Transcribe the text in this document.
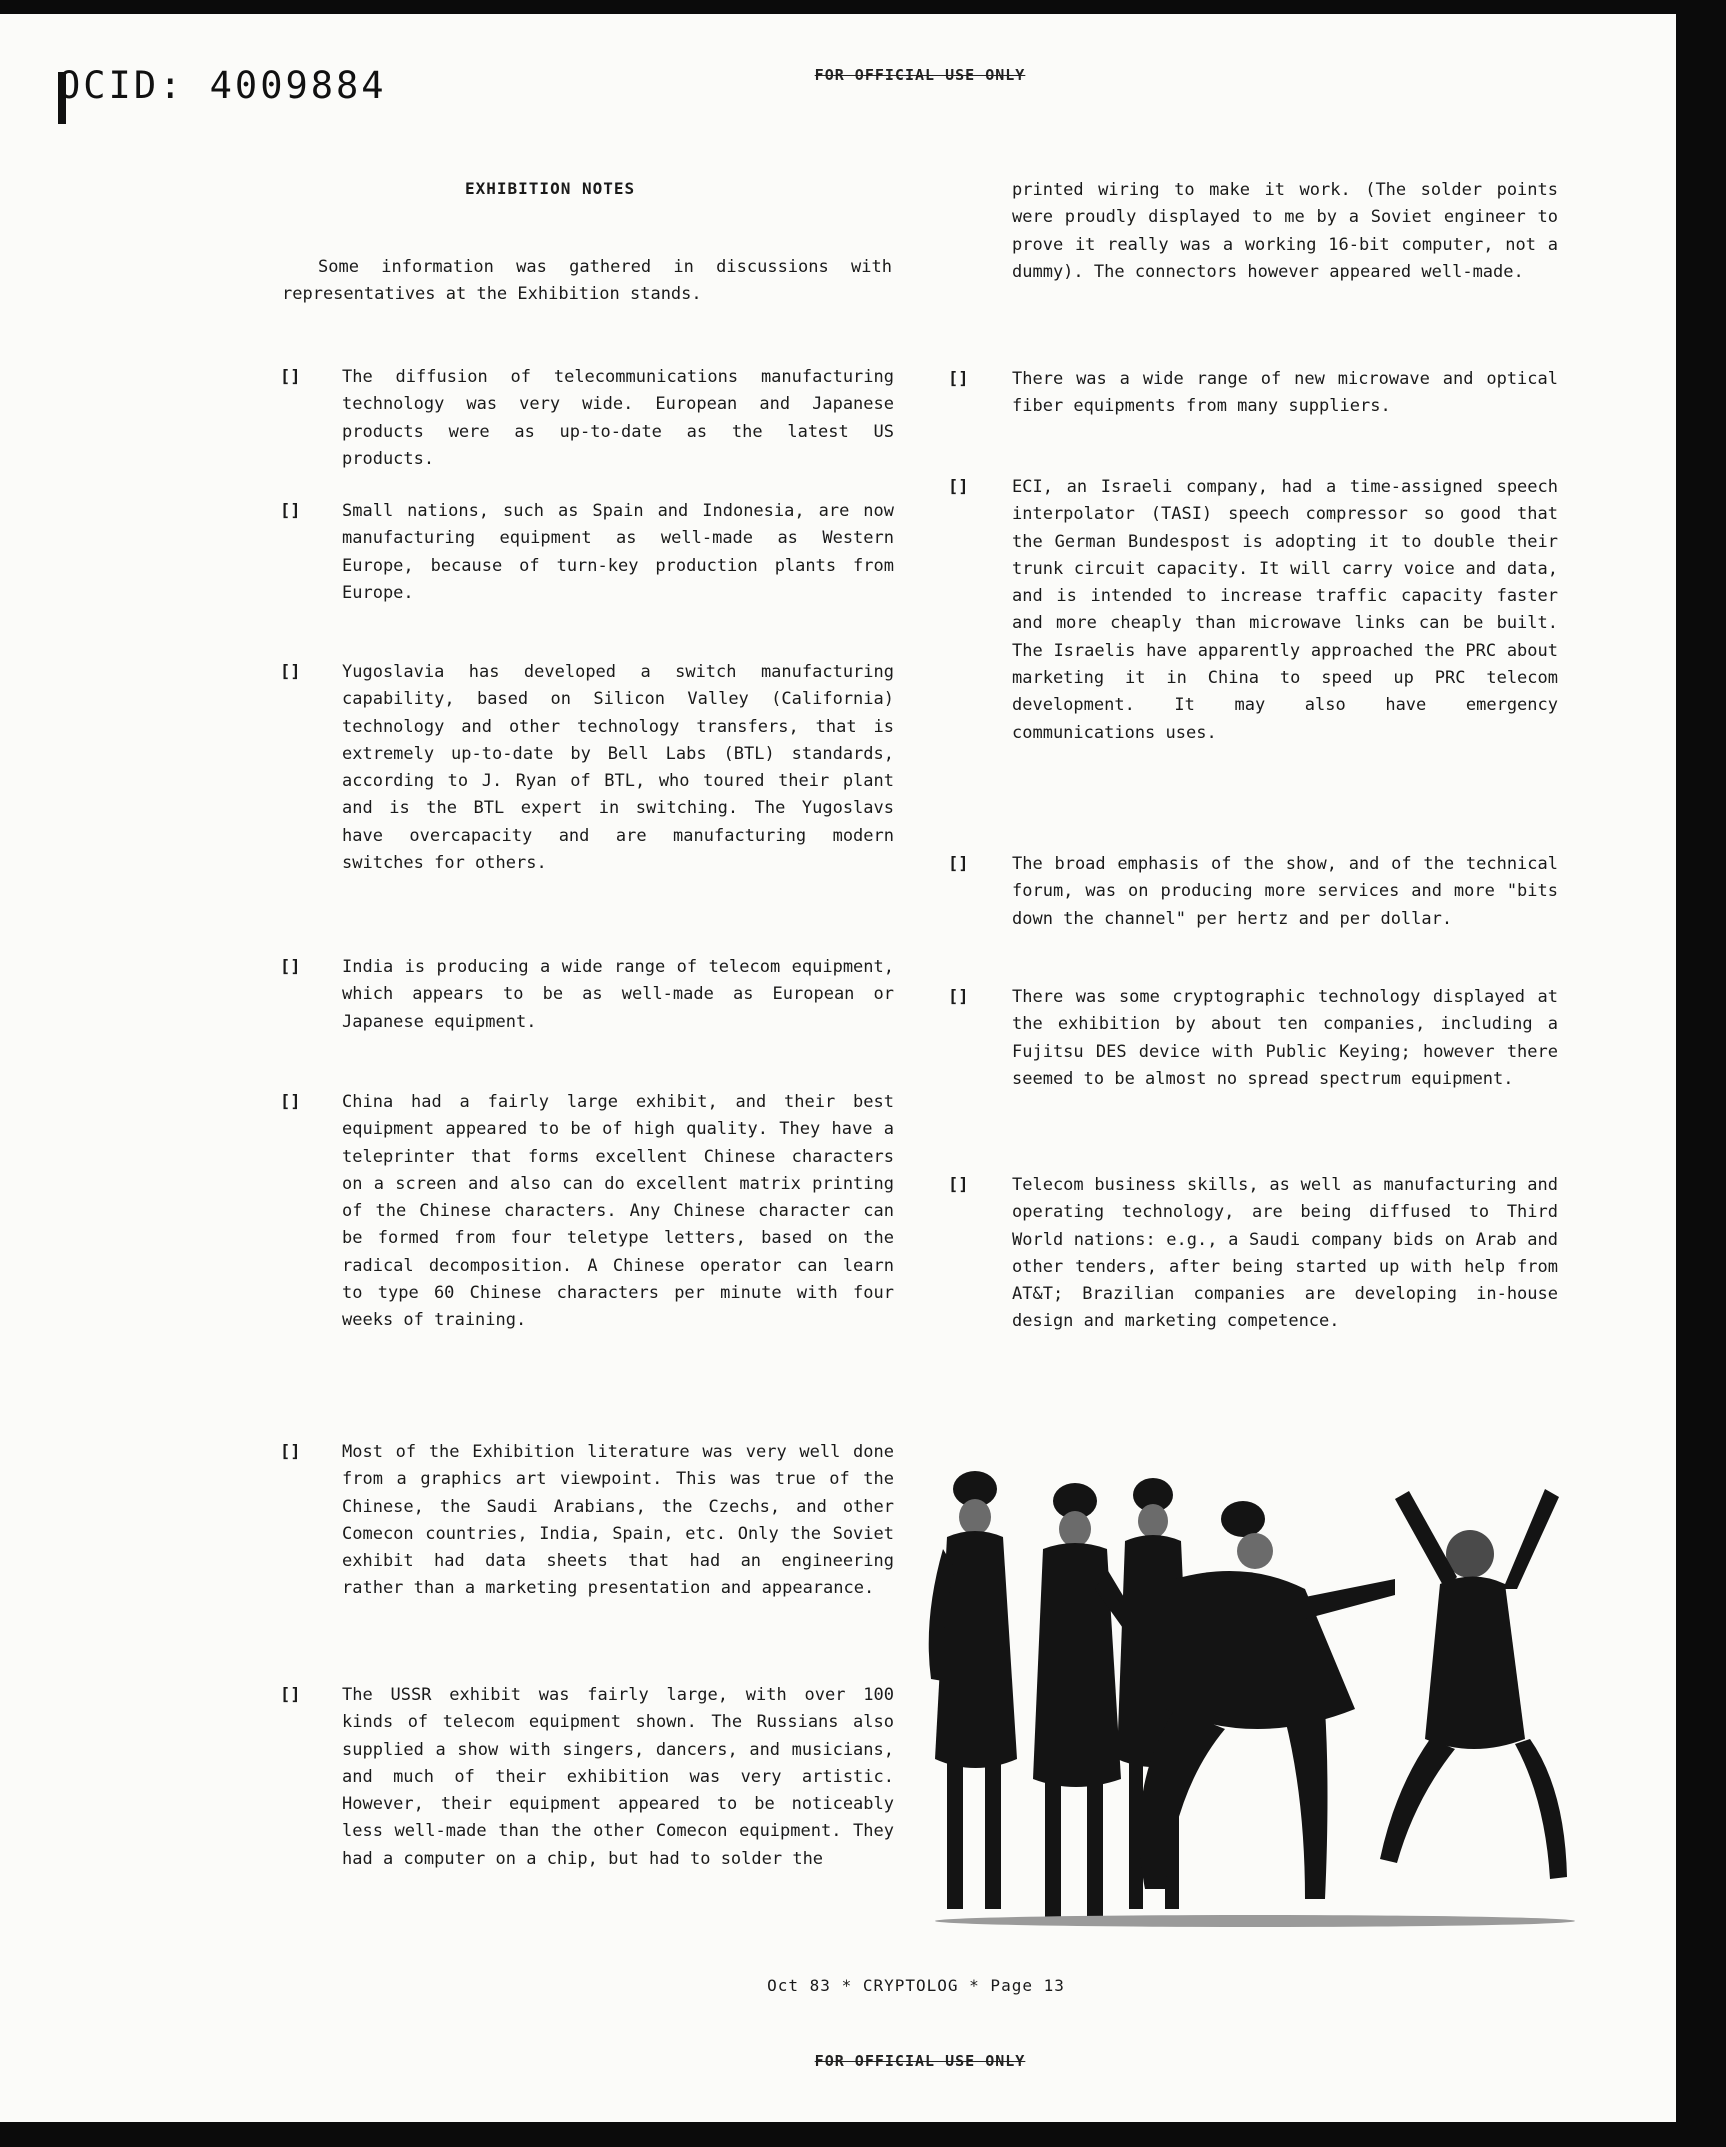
OCID: 4009884	FOR OFFICIAL USE ONLY
EXHIBITION NOTES
Some information was gathered in discussions with representatives at the Exhibition stands.
[]	The diffusion of telecommunications manufacturing technology was very wide. European and Japanese products were as up-to-date as the latest US products.
[]	Small nations, such as Spain and Indonesia, are now manufacturing equipment as well-made as Western Europe, because of turn-key production plants from Europe.
[]	Yugoslavia has developed a switch manufacturing capability, based on Silicon Valley (California) technology and other technology transfers, that is extremely up-to-date by Bell Labs (BTL) standards, according to J. Ryan of BTL, who toured their plant and is the BTL expert in switching. The Yugoslavs have overcapacity and are manufacturing modern switches for others.
[]	India is producing a wide range of telecom equipment, which appears to be as well-made as European or Japanese equipment.
[]	China had a fairly large exhibit, and their best equipment appeared to be of high quality. They have a teleprinter that forms excellent Chinese characters on a screen and also can do excellent matrix printing of the Chinese characters. Any Chinese character can be formed from four teletype letters, based on the radical decomposition. A Chinese operator can learn to type 60 Chinese characters per minute with four weeks of training.
[]	Most of the Exhibition literature was very well done from a graphics art viewpoint. This was true of the Chinese, the Saudi Arabians, the Czechs, and other Comecon countries, India, Spain, etc. Only the Soviet exhibit had data sheets that had an engineering rather than a marketing presentation and appearance.
[]	The USSR exhibit was fairly large, with over 100 kinds of telecom equipment shown. The Russians also supplied a show with singers, dancers, and musicians, and much of their exhibition was very artistic. However, their equipment appeared to be noticeably less well-made than the other Comecon equipment. They had a computer on a chip, but had to solder the
printed wiring to make it work. (The solder points were proudly displayed to me by a Soviet engineer to prove it really was a working 16-bit computer, not a dummy). The connectors however appeared well-made.
[]	There was a wide range of new microwave and optical fiber equipments from many suppliers.
[]	ECI, an Israeli company, had a time-assigned speech interpolator (TASI) speech compressor so good that the German Bundespost is adopting it to double their trunk circuit capacity. It will carry voice and data, and is intended to increase traffic capacity faster and more cheaply than microwave links can be built. The Israelis have apparently approached the PRC about marketing it in China to speed up PRC telecom development. It may also have emergency communications uses.
[]	The broad emphasis of the show, and of the technical forum, was on producing more services and more "bits down the channel" per hertz and per dollar.
[]	There was some cryptographic technology displayed at the exhibition by about ten companies, including a Fujitsu DES device with Public Keying; however there seemed to be almost no spread spectrum equipment.
[]	Telecom business skills, as well as manufacturing and operating technology, are being diffused to Third World nations: e.g., a Saudi company bids on Arab and other tenders, after being started up with help from AT&T; Brazilian companies are developing in-house design and marketing competence.
Oct 83 * CRYPTOLOG * Page 13
FOR OFFICIAL USE ONLY
